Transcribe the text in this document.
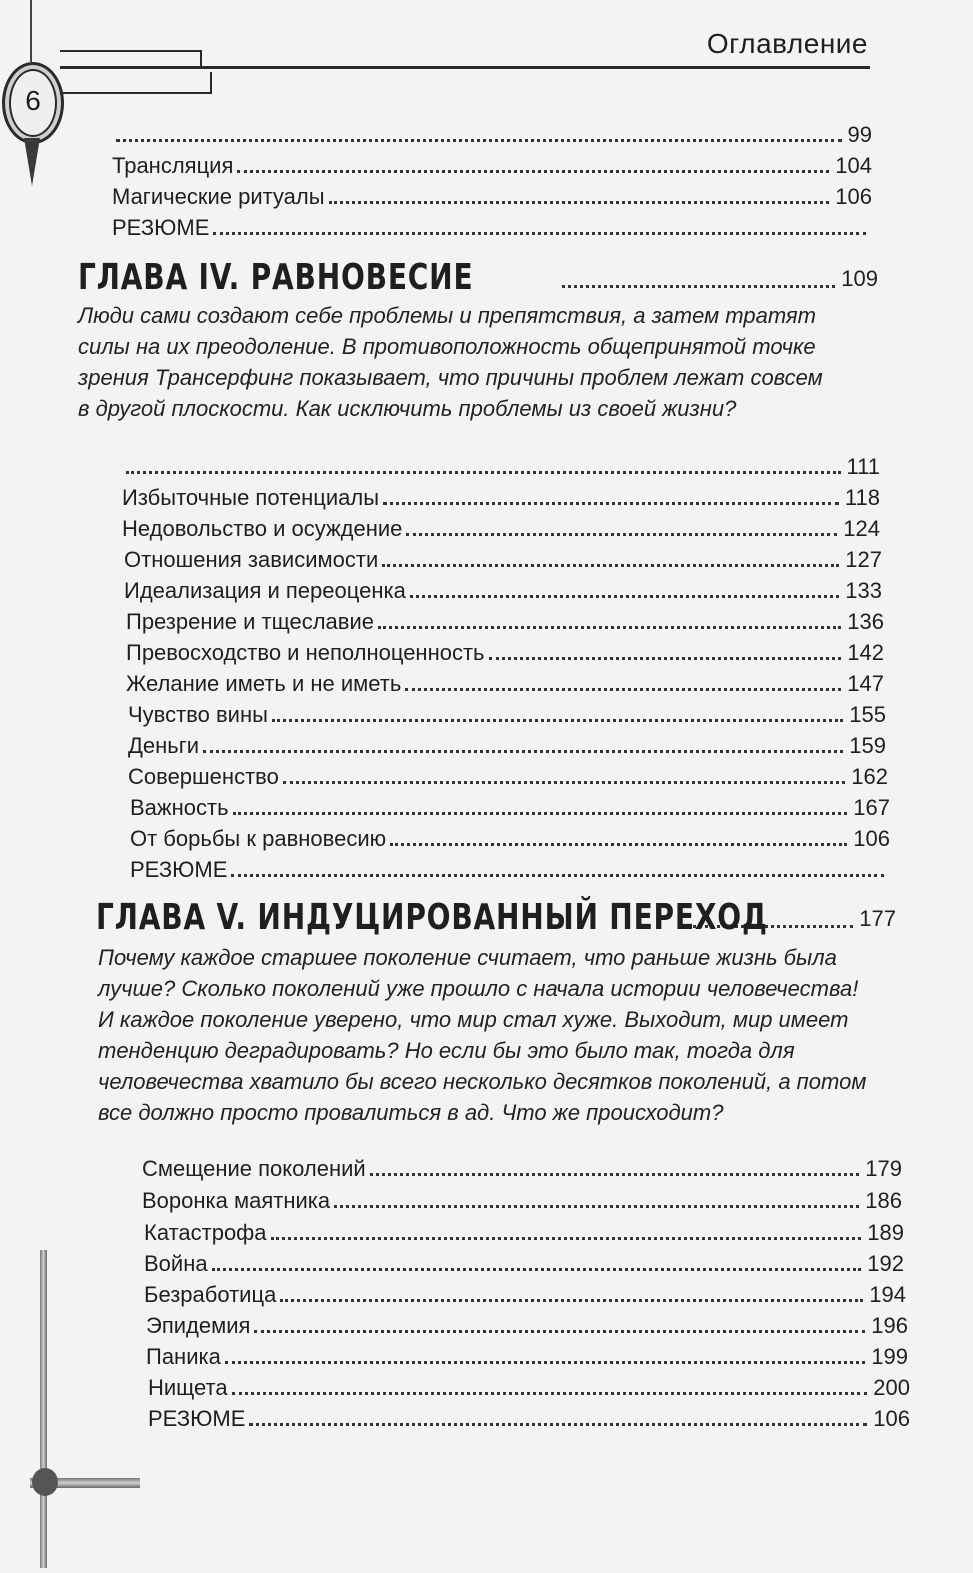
6
Оглавление
99
Трансляция	104
Магические ритуалы	106
РЕЗЮМЕ
ГЛАВА IV. РАВНОВЕСИЕ	109
Люди сами создают себе проблемы и препятствия, а затем тратят силы на их преодоление. В противоположность общепринятой точке зрения Трансерфинг показывает, что причины проблем лежат совсем в другой плоскости. Как исключить проблемы из своей жизни?
111
Избыточные потенциалы	118
Недовольство и осуждение	124
Отношения зависимости	127
Идеализация и переоценка	133
Презрение и тщеславие	136
Превосходство и неполноценность	142
Желание иметь и не иметь	147
Чувство вины	155
Деньги	159
Совершенство	162
Важность	167
От борьбы к равновесию	106
РЕЗЮМЕ
ГЛАВА V. ИНДУЦИРОВАННЫЙ ПЕРЕХОД	177
Почему каждое старшее поколение считает, что раньше жизнь была лучше? Сколько поколений уже прошло с начала истории человечества! И каждое поколение уверено, что мир стал хуже. Выходит, мир имеет тенденцию деградировать? Но если бы это было так, тогда для человечества хватило бы всего несколько десятков поколений, а потом все должно просто провалиться в ад. Что же происходит?
Смещение поколений	179
Воронка маятника	186
Катастрофа	189
Война	192
Безработица	194
Эпидемия	196
Паника	199
Нищета	200
РЕЗЮМЕ	106
